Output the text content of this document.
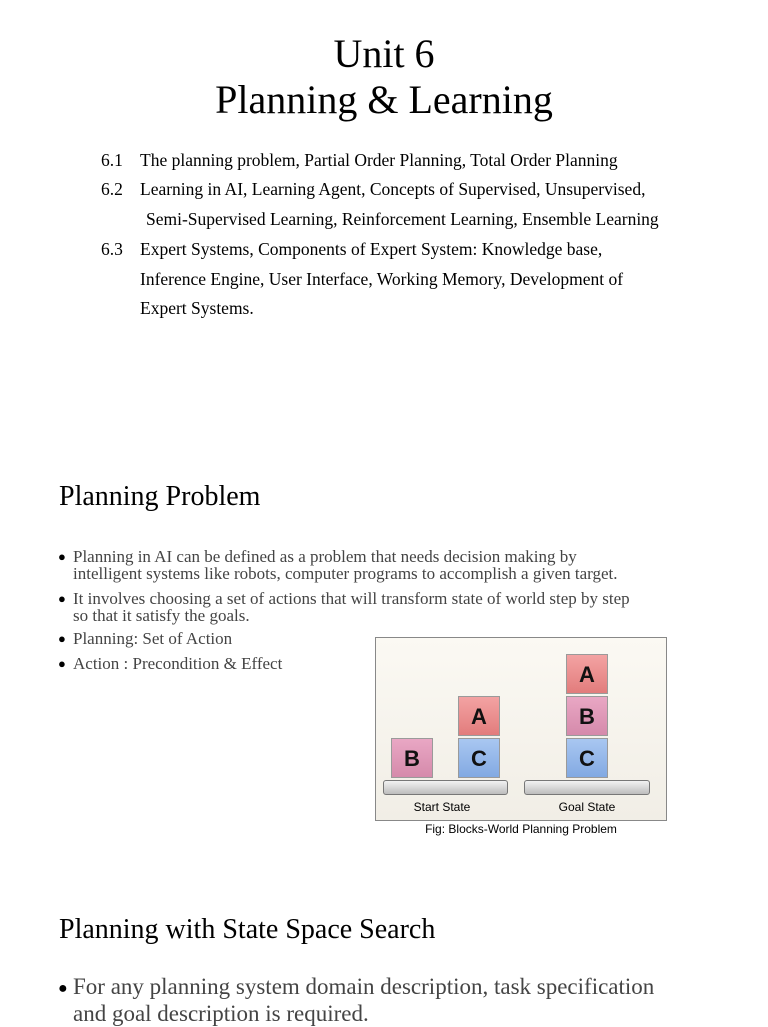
Unit 6
Planning & Learning
6.1 The planning problem, Partial Order Planning, Total Order Planning
6.2 Learning in AI, Learning Agent, Concepts of Supervised, Unsupervised,
Semi-Supervised Learning, Reinforcement Learning, Ensemble Learning
6.3 Expert Systems, Components of Expert System: Knowledge base,
Inference Engine, User Interface, Working Memory, Development of
Expert Systems.
Planning Problem
● Planning in AI can be defined as a problem that needs decision making by
intelligent systems like robots, computer programs to accomplish a given target.
● It involves choosing a set of actions that will transform state of world step by step
so that it satisfy the goals.
● Planning: Set of Action
● Action : Precondition & Effect
B
A
C
Start State
A
B
C
Goal State
Fig: Blocks-World Planning Problem
Planning with State Space Search
● For any planning system domain description, task specification
and goal description is required.
